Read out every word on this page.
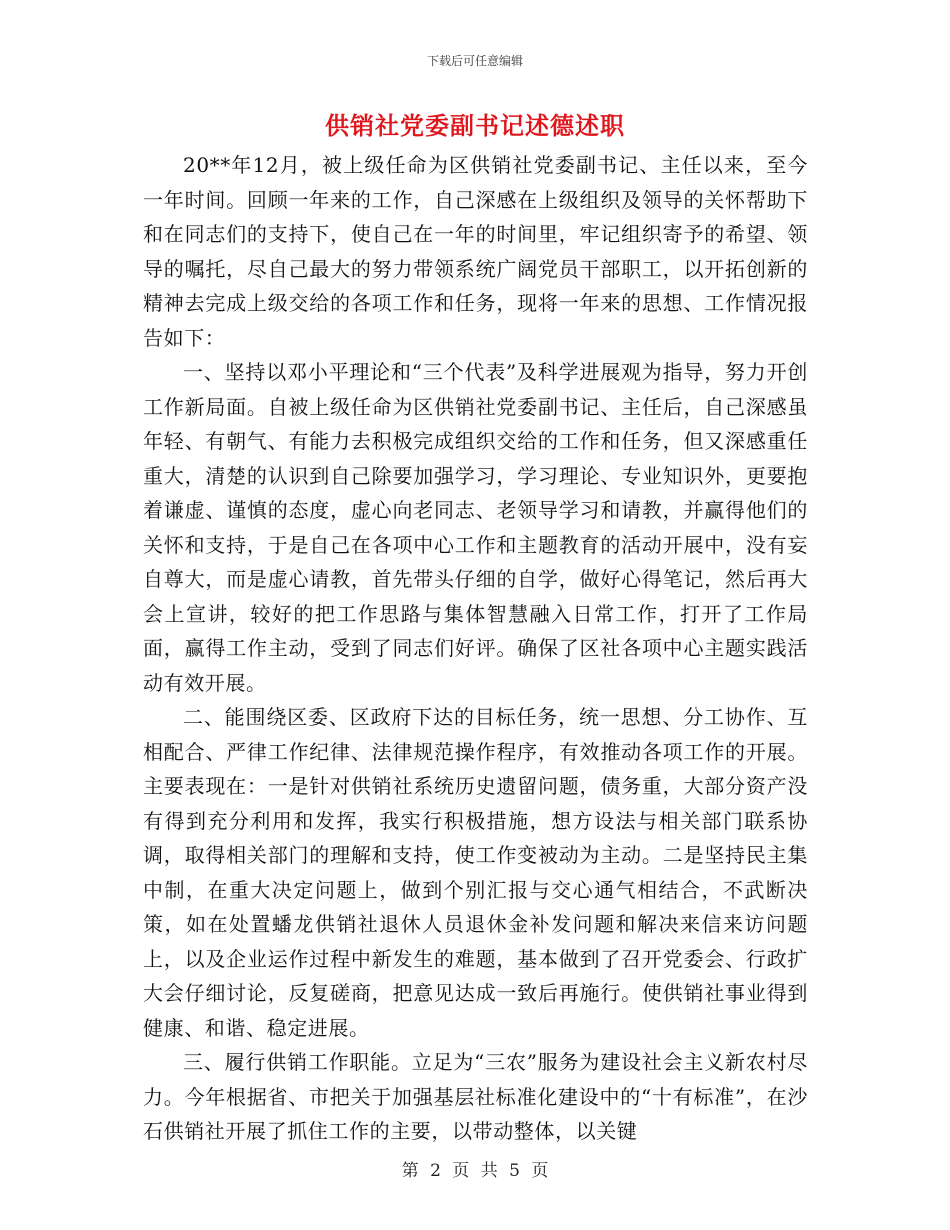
下载后可任意编辑
供销社党委副书记述德述职

20**年12月，被上级任命为区供销社党委副书记、主任以来，至今一年时间。回顾一年来的工作，自己深感在上级组织及领导的关怀帮助下和在同志们的支持下，使自己在一年的时间里，牢记组织寄予的希望、领导的嘱托，尽自己最大的努力带领系统广阔党员干部职工，以开拓创新的精神去完成上级交给的各项工作和任务，现将一年来的思想、工作情况报告如下：

一、坚持以邓小平理论和“三个代表”及科学进展观为指导，努力开创工作新局面。自被上级任命为区供销社党委副书记、主任后，自己深感虽年轻、有朝气、有能力去积极完成组织交给的工作和任务，但又深感重任重大，清楚的认识到自己除要加强学习，学习理论、专业知识外，更要抱着谦虚、谨慎的态度，虚心向老同志、老领导学习和请教，并赢得他们的关怀和支持，于是自己在各项中心工作和主题教育的活动开展中，没有妄自尊大，而是虚心请教，首先带头仔细的自学，做好心得笔记，然后再大会上宣讲，较好的把工作思路与集体智慧融入日常工作，打开了工作局面，赢得工作主动，受到了同志们好评。确保了区社各项中心主题实践活动有效开展。

二、能围绕区委、区政府下达的目标任务，统一思想、分工协作、互相配合、严律工作纪律、法律规范操作程序，有效推动各项工作的开展。主要表现在：一是针对供销社系统历史遗留问题，债务重，大部分资产没有得到充分利用和发挥，我实行积极措施，想方设法与相关部门联系协调，取得相关部门的理解和支持，使工作变被动为主动。二是坚持民主集中制，在重大决定问题上，做到个别汇报与交心通气相结合，不武断决策，如在处置蟠龙供销社退休人员退休金补发问题和解决来信来访问题上，以及企业运作过程中新发生的难题，基本做到了召开党委会、行政扩大会仔细讨论，反复磋商，把意见达成一致后再施行。使供销社事业得到健康、和谐、稳定进展。

三、履行供销工作职能。立足为“三农”服务为建设社会主义新农村尽力。今年根据省、市把关于加强基层社标准化建设中的“十有标准”，在沙石供销社开展了抓住工作的主要，以带动整体，以关键

第 2 页 共 5 页
